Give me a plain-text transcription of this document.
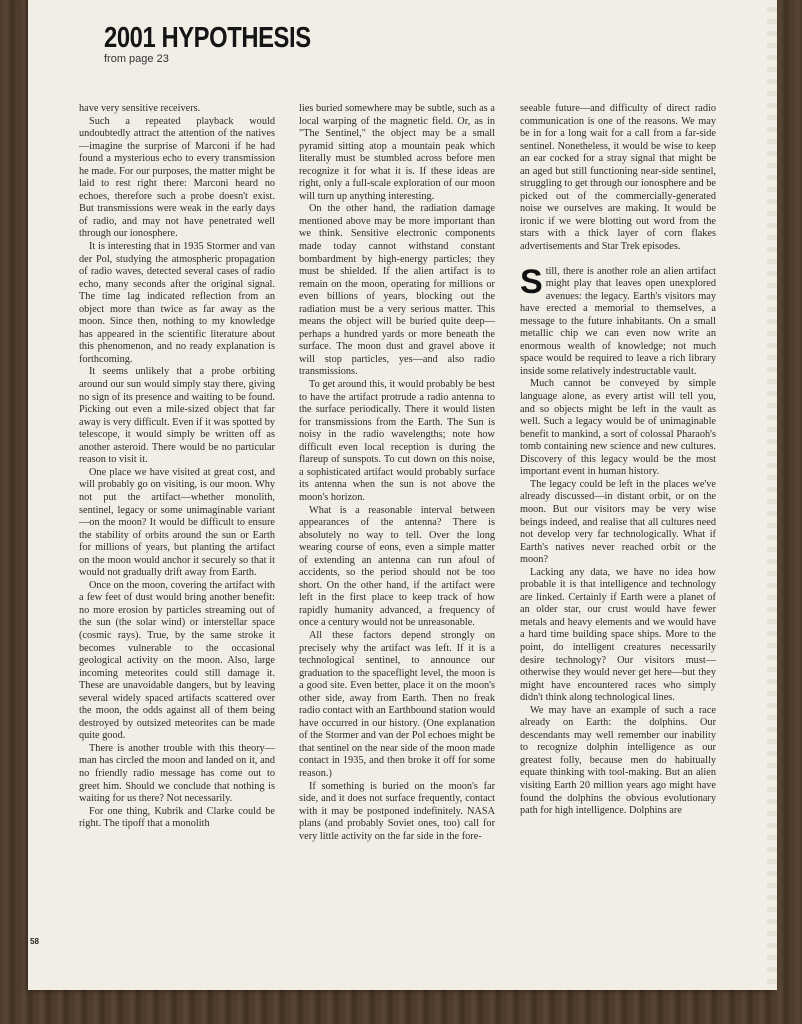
2001 HYPOTHESIS
from page 23

have very sensitive receivers.

Such a repeated playback would undoubtedly attract the attention of the natives—imagine the surprise of Marconi if he had found a mysterious echo to every transmission he made. For our purposes, the matter might be laid to rest right there: Marconi heard no echoes, therefore such a probe doesn't exist. But transmissions were weak in the early days of radio, and may not have penetrated well through our ionosphere.

It is interesting that in 1935 Stormer and van der Pol, studying the atmospheric propagation of radio waves, detected several cases of radio echo, many seconds after the original signal. The time lag indicated reflection from an object more than twice as far away as the moon. Since then, nothing to my knowledge has appeared in the scientific literature about this phenomenon, and no ready explanation is forthcoming.

It seems unlikely that a probe orbiting around our sun would simply stay there, giving no sign of its presence and waiting to be found. Picking out even a mile-sized object that far away is very difficult. Even if it was spotted by telescope, it would simply be written off as another asteroid. There would be no particular reason to visit it.

One place we have visited at great cost, and will probably go on visiting, is our moon. Why not put the artifact—whether monolith, sentinel, legacy or some unimaginable variant—on the moon? It would be difficult to ensure the stability of orbits around the sun or Earth for millions of years, but planting the artifact on the moon would anchor it securely so that it would not gradually drift away from Earth.

Once on the moon, covering the artifact with a few feet of dust would bring another benefit: no more erosion by particles streaming out of the sun (the solar wind) or interstellar space (cosmic rays). True, by the same stroke it becomes vulnerable to the occasional geological activity on the moon. Also, large incoming meteorites could still damage it. These are unavoidable dangers, but by leaving several widely spaced artifacts scattered over the moon, the odds against all of them being destroyed by outsized meteorites can be made quite good.

There is another trouble with this theory—man has circled the moon and landed on it, and no friendly radio message has come out to greet him. Should we conclude that nothing is waiting for us there? Not necessarily.

For one thing, Kubrik and Clarke could be right. The tipoff that a monolith

lies buried somewhere may be subtle, such as a local warping of the magnetic field. Or, as in "The Sentinel," the object may be a small pyramid sitting atop a mountain peak which literally must be stumbled across before men recognize it for what it is. If these ideas are right, only a full-scale exploration of our moon will turn up anything interesting.

On the other hand, the radiation damage mentioned above may be more important than we think. Sensitive electronic components made today cannot withstand constant bombardment by high-energy particles; they must be shielded. If the alien artifact is to remain on the moon, operating for millions or even billions of years, blocking out the radiation must be a very serious matter. This means the object will be buried quite deep—perhaps a hundred yards or more beneath the surface. The moon dust and gravel above it will stop particles, yes—and also radio transmissions.

To get around this, it would probably be best to have the artifact protrude a radio antenna to the surface periodically. There it would listen for transmissions from the Earth. The Sun is noisy in the radio wavelengths; note how difficult even local reception is during the flareup of sunspots. To cut down on this noise, a sophisticated artifact would probably surface its antenna when the sun is not above the moon's horizon.

What is a reasonable interval between appearances of the antenna? There is absolutely no way to tell. Over the long wearing course of eons, even a simple matter of extending an antenna can run afoul of accidents, so the period should not be too short. On the other hand, if the artifact were left in the first place to keep track of how rapidly humanity advanced, a frequency of once a century would not be unreasonable.

All these factors depend strongly on precisely why the artifact was left. If it is a technological sentinel, to announce our graduation to the spaceflight level, the moon is a good site. Even better, place it on the moon's other side, away from Earth. Then no freak radio contact with an Earthbound station would have occurred in our history. (One explanation of the Stormer and van der Pol echoes might be that sentinel on the near side of the moon made contact in 1935, and then broke it off for some reason.)

If something is buried on the moon's far side, and it does not surface frequently, contact with it may be postponed indefinitely. NASA plans (and probably Soviet ones, too) call for very little activity on the far side in the fore-

seeable future—and difficulty of direct radio communication is one of the reasons. We may be in for a long wait for a call from a far-side sentinel. Nonetheless, it would be wise to keep an ear cocked for a stray signal that might be an aged but still functioning near-side sentinel, struggling to get through our ionosphere and be picked out of the commercially-generated noise we ourselves are making. It would be ironic if we were blotting out word from the stars with a thick layer of corn flakes advertisements and Star Trek episodes.

Still, there is another role an alien artifact might play that leaves open unexplored avenues: the legacy. Earth's visitors may have erected a memorial to themselves, a message to the future inhabitants. On a small metallic chip we can even now write an enormous wealth of knowledge; not much space would be required to leave a rich library inside some relatively indestructable vault.

Much cannot be conveyed by simple language alone, as every artist will tell you, and so objects might be left in the vault as well. Such a legacy would be of unimaginable benefit to mankind, a sort of colossal Pharaoh's tomb containing new science and new cultures. Discovery of this legacy would be the most important event in human history.

The legacy could be left in the places we've already discussed—in distant orbit, or on the moon. But our visitors may be very wise beings indeed, and realise that all cultures need not develop very far technologically. What if Earth's natives never reached orbit or the moon?

Lacking any data, we have no idea how probable it is that intelligence and technology are linked. Certainly if Earth were a planet of an older star, our crust would have fewer metals and heavy elements and we would have a hard time building space ships. More to the point, do intelligent creatures necessarily desire technology? Our visitors must—otherwise they would never get here—but they might have encountered races who simply didn't think along technological lines.

We may have an example of such a race already on Earth: the dolphins. Our descendants may well remember our inability to recognize dolphin intelligence as our greatest folly, because men do habitually equate thinking with tool-making. But an alien visiting Earth 20 million years ago might have found the dolphins the obvious evolutionary path for high intelligence. Dolphins are

58
